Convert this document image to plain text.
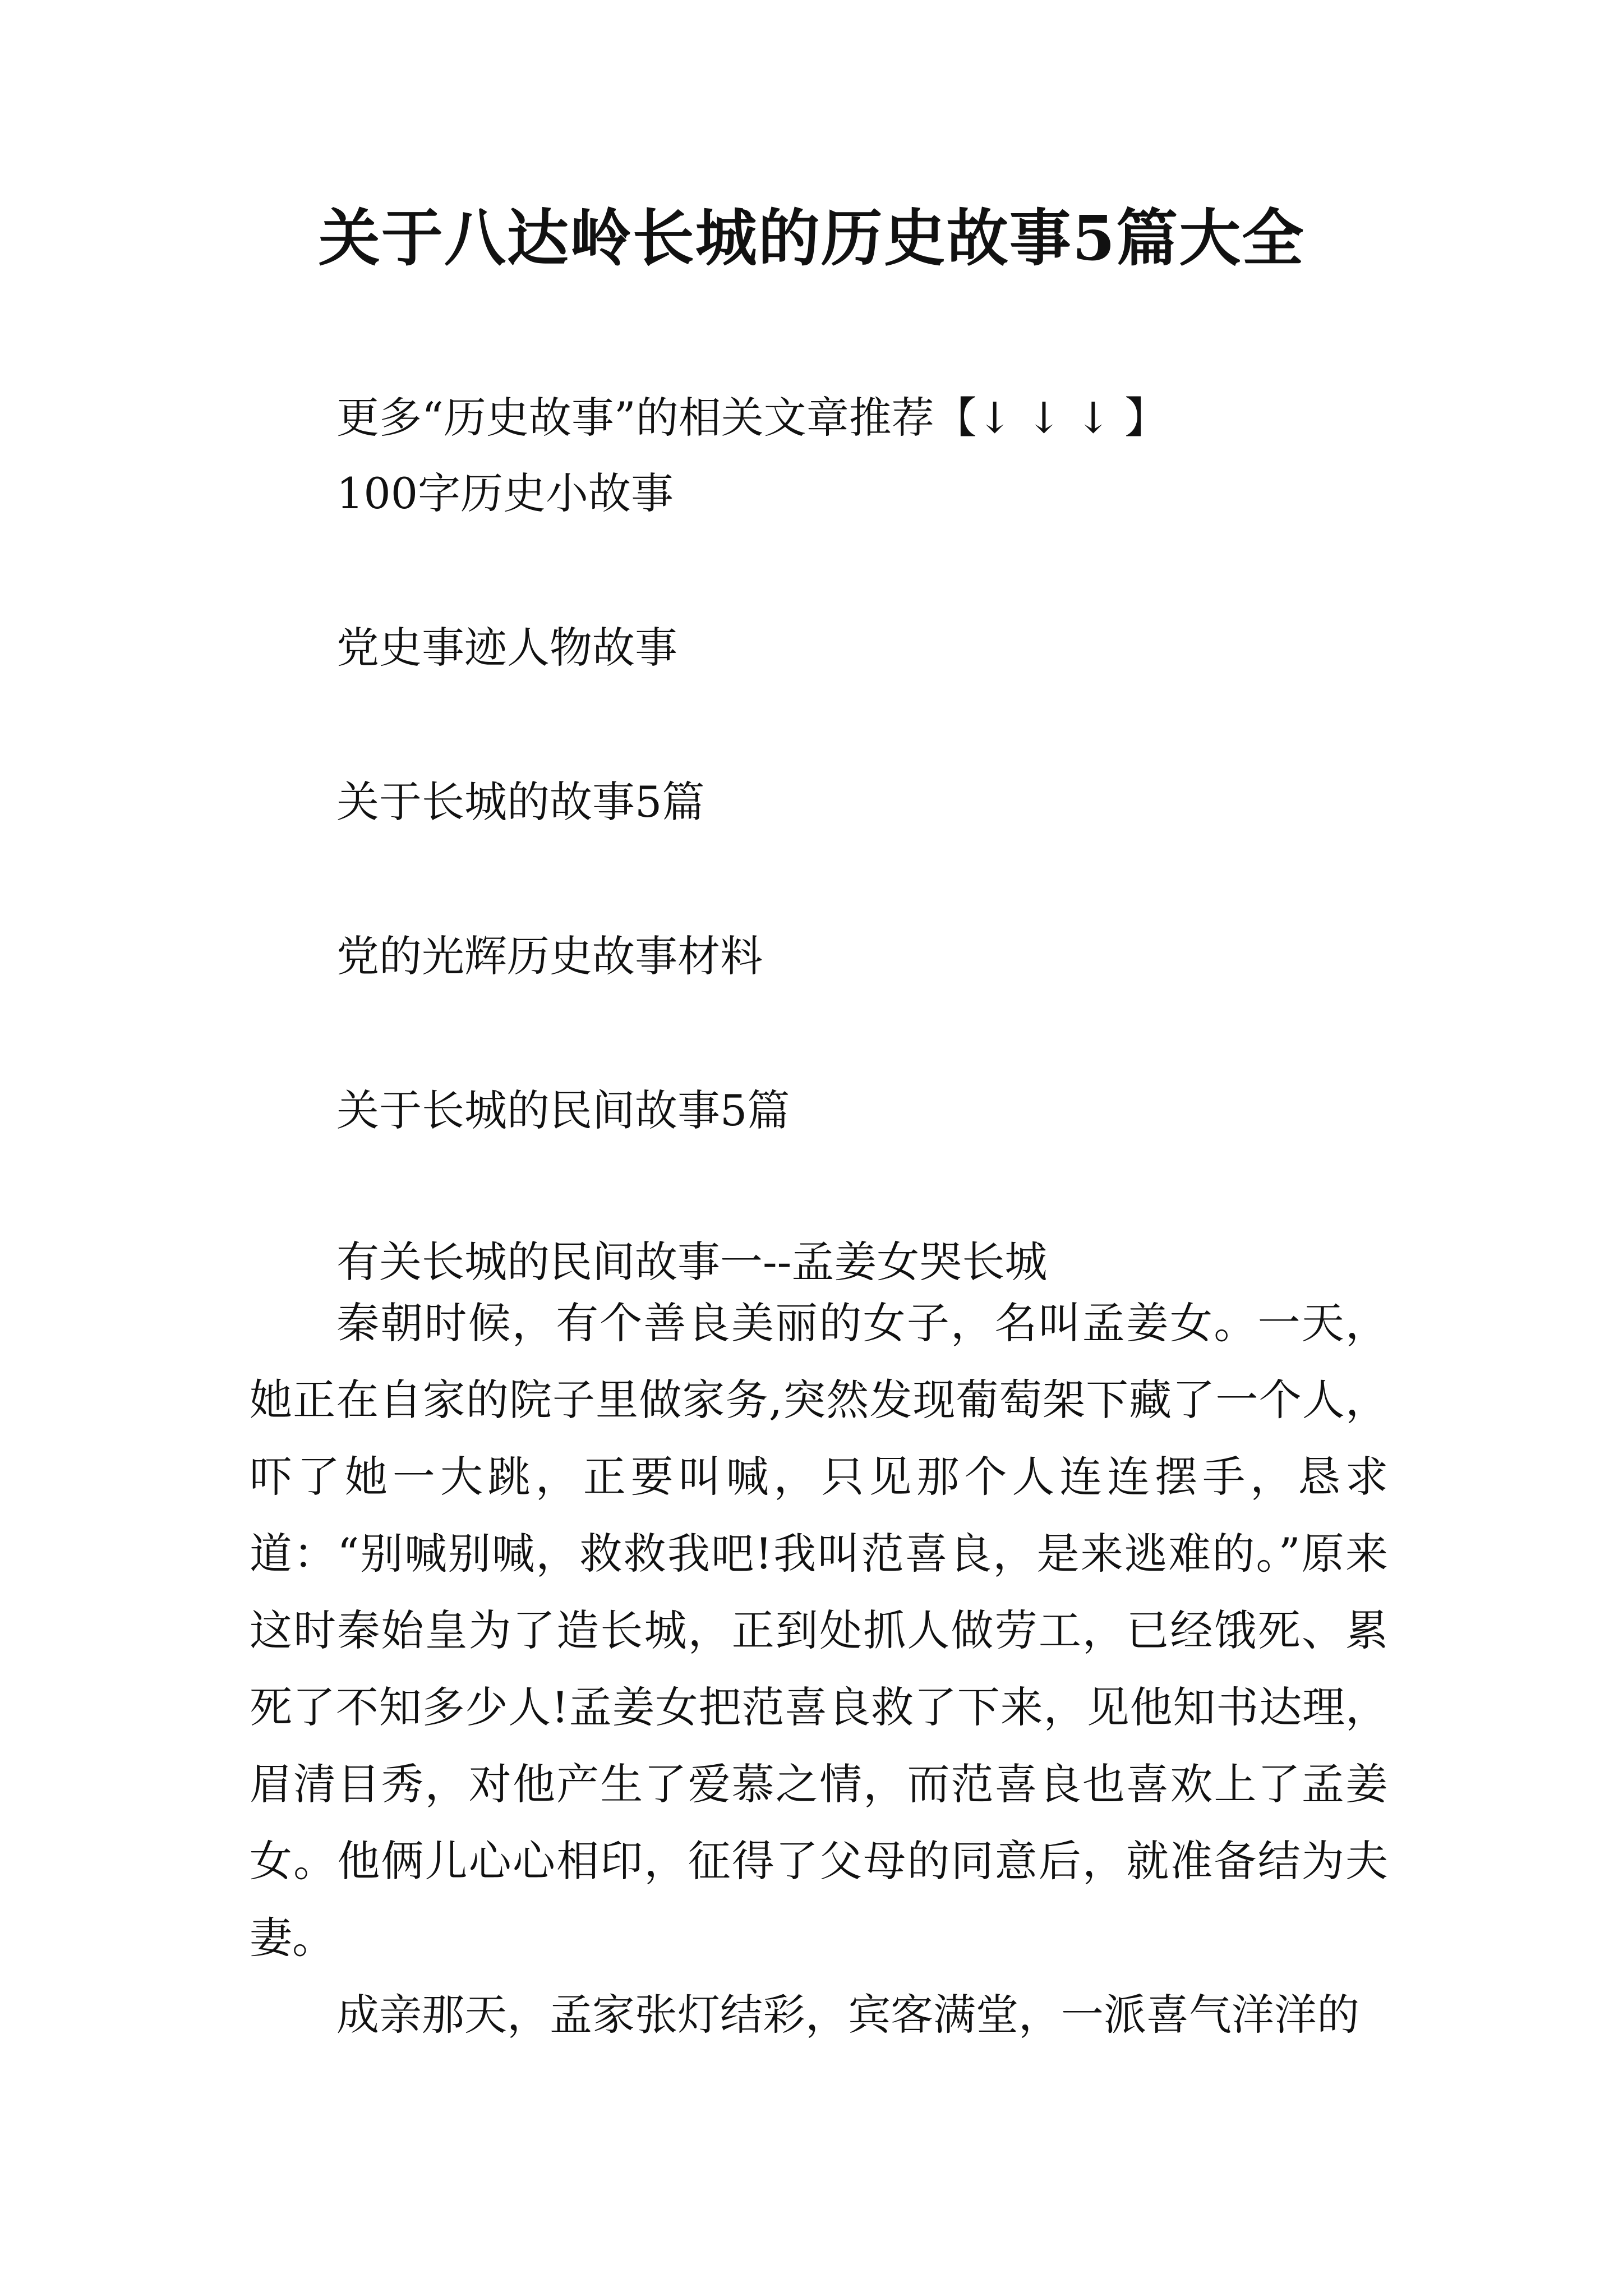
关于八达岭长城的历史故事5篇大全
更多“历史故事”的相关文章推荐【↓ ↓ ↓ 】
100字历史小故事
党史事迹人物故事
关于长城的故事5篇
党的光辉历史故事材料
关于长城的民间故事5篇
有关长城的民间故事一--孟姜女哭长城

秦朝时候，有个善良美丽的女子，名叫孟姜女。一天，她正在自家的院子里做家务,突然发现葡萄架下藏了一个人，吓了她一大跳，正要叫喊，只见那个人连连摆手，恳求道：“别喊别喊，救救我吧!我叫范喜良，是来逃难的。”原来这时秦始皇为了造长城，正到处抓人做劳工，已经饿死、累死了不知多少人!孟姜女把范喜良救了下来，见他知书达理，眉清目秀，对他产生了爱慕之情，而范喜良也喜欢上了孟姜女。他俩儿心心相印，征得了父母的同意后，就准备结为夫妻。

成亲那天，孟家张灯结彩，宾客满堂，一派喜气洋洋的
